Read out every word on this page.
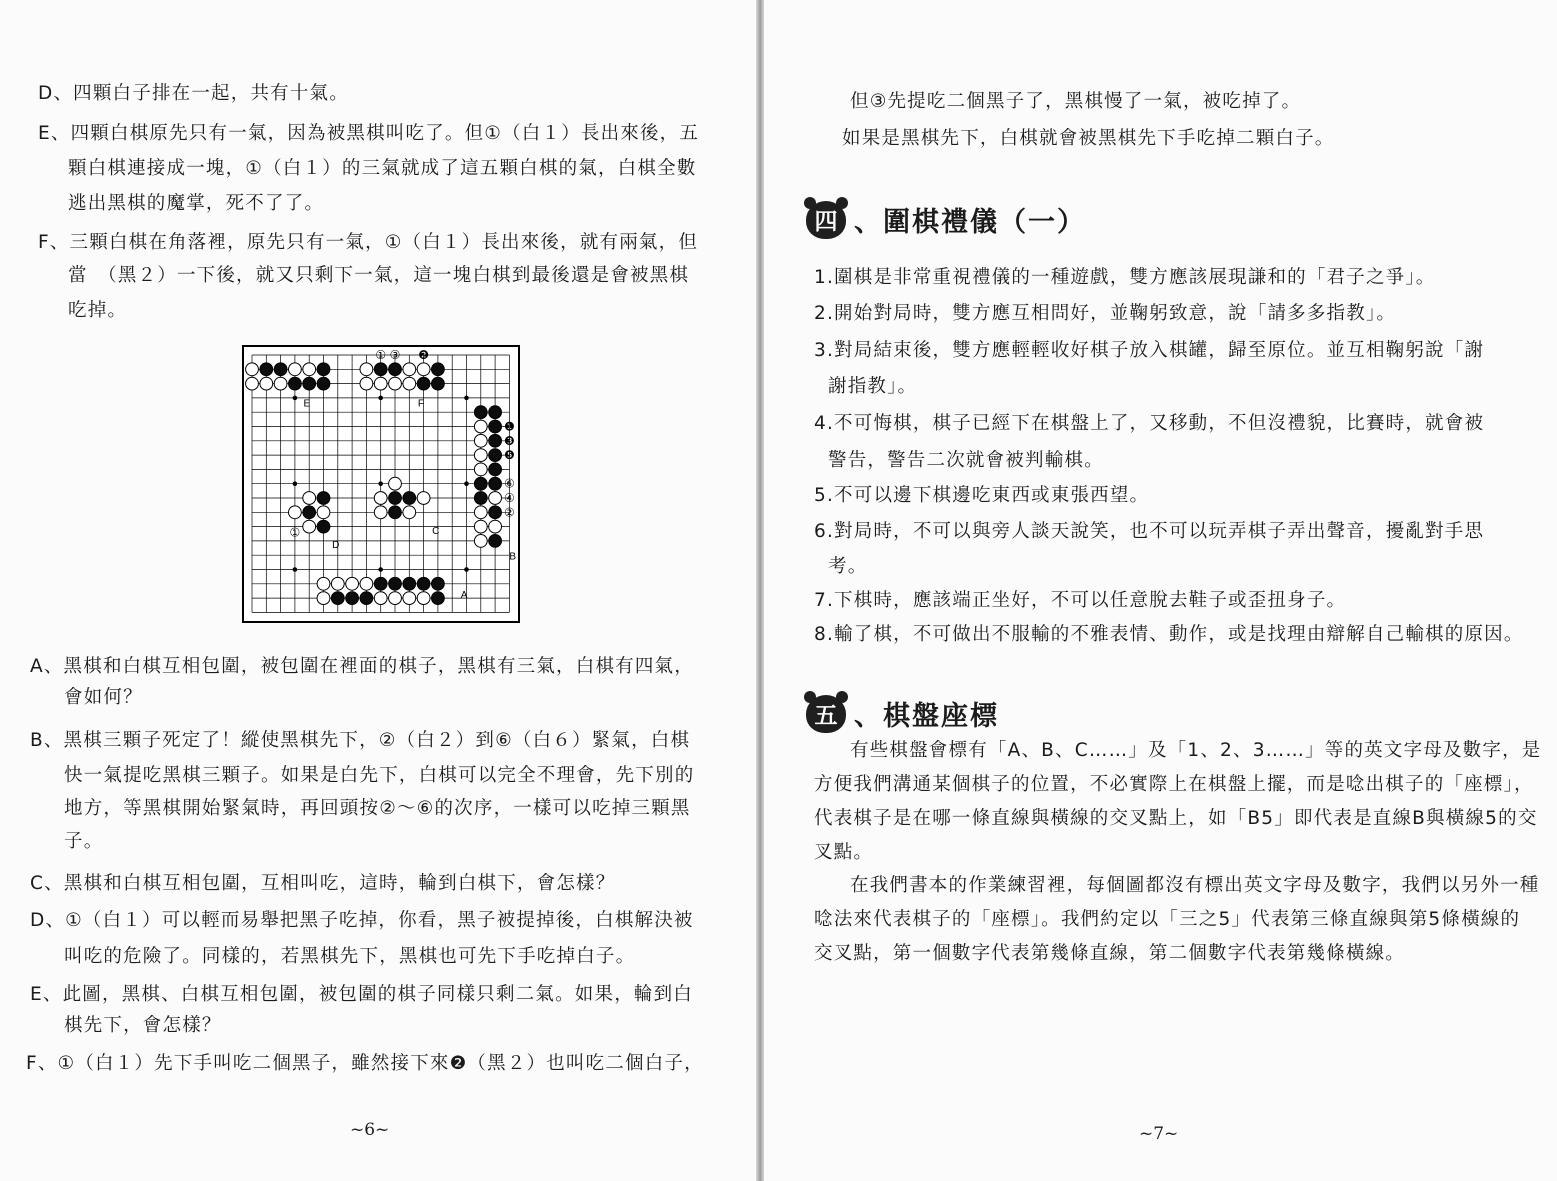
D、四顆白子排在一起，共有十氣。
E、四顆白棋原先只有一氣，因為被黑棋叫吃了。但①（白１）長出來後，五
顆白棋連接成一塊，①（白１）的三氣就成了這五顆白棋的氣，白棋全數
逃出黑棋的魔掌，死不了了。
F、三顆白棋在角落裡，原先只有一氣，①（白１）長出來後，就有兩氣，但
當　（黑２）一下後，就又只剩下一氣，這一塊白棋到最後還是會被黑棋
吃掉。
E	F
C
D
B
A
① ③ ❷
❶
❸
❺
⑥
④
②
①
A、黑棋和白棋互相包圍，被包圍在裡面的棋子，黑棋有三氣，白棋有四氣，
會如何？
B、黑棋三顆子死定了！縱使黑棋先下，②（白２）到⑥（白６）緊氣，白棋
快一氣提吃黑棋三顆子。如果是白先下，白棋可以完全不理會，先下別的
地方，等黑棋開始緊氣時，再回頭按②～⑥的次序，一樣可以吃掉三顆黑
子。
C、黑棋和白棋互相包圍，互相叫吃，這時，輪到白棋下，會怎樣？
D、①（白１）可以輕而易舉把黑子吃掉，你看，黑子被提掉後，白棋解決被
叫吃的危險了。同樣的，若黑棋先下，黑棋也可先下手吃掉白子。
E、此圖，黑棋、白棋互相包圍，被包圍的棋子同樣只剩二氣。如果，輪到白
棋先下，會怎樣？
F、①（白１）先下手叫吃二個黑子，雖然接下來❷（黑２）也叫吃二個白子，
~6~
但③先提吃二個黑子了，黑棋慢了一氣，被吃掉了。
如果是黑棋先下，白棋就會被黑棋先下手吃掉二顆白子。
四 、圍棋禮儀（一）
1.圍棋是非常重視禮儀的一種遊戲，雙方應該展現謙和的「君子之爭」。
2.開始對局時，雙方應互相問好，並鞠躬致意，說「請多多指教」。
3.對局結束後，雙方應輕輕收好棋子放入棋罐，歸至原位。並互相鞠躬說「謝
謝指教」。
4.不可悔棋，棋子已經下在棋盤上了，又移動，不但沒禮貌，比賽時，就會被
警告，警告二次就會被判輸棋。
5.不可以邊下棋邊吃東西或東張西望。
6.對局時，不可以與旁人談天說笑，也不可以玩弄棋子弄出聲音，擾亂對手思
考。
7.下棋時，應該端正坐好，不可以任意脫去鞋子或歪扭身子。
8.輸了棋，不可做出不服輸的不雅表情、動作，或是找理由辯解自己輸棋的原因。
五 、棋盤座標
有些棋盤會標有「A、B、C……」及「1、2、3……」等的英文字母及數字，是
方便我們溝通某個棋子的位置，不必實際上在棋盤上擺，而是唸出棋子的「座標」，
代表棋子是在哪一條直線與橫線的交叉點上，如「B5」即代表是直線B與橫線5的交
叉點。
在我們書本的作業練習裡，每個圖都沒有標出英文字母及數字，我們以另外一種
唸法來代表棋子的「座標」。我們約定以「三之5」代表第三條直線與第5條橫線的
交叉點，第一個數字代表第幾條直線，第二個數字代表第幾條橫線。
~7~
